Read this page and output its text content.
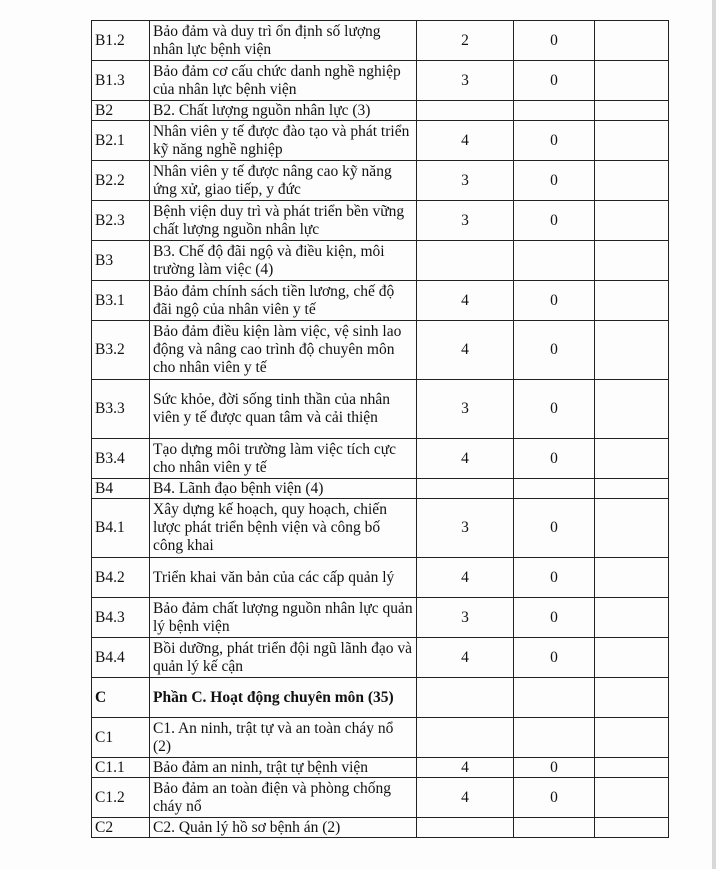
B1.2	Bảo đảm và duy trì ổn định số lượng nhân lực bệnh viện	2	0	
B1.3	Bảo đảm cơ cấu chức danh nghề nghiệp của nhân lực bệnh viện	3	0	
B2	B2. Chất lượng nguồn nhân lực (3)			
B2.1	Nhân viên y tế được đào tạo và phát triển kỹ năng nghề nghiệp	4	0	
B2.2	Nhân viên y tế được nâng cao kỹ năng ứng xử, giao tiếp, y đức	3	0	
B2.3	Bệnh viện duy trì và phát triển bền vững chất lượng nguồn nhân lực	3	0	
B3	B3. Chế độ đãi ngộ và điều kiện, môi trường làm việc (4)			
B3.1	Bảo đảm chính sách tiền lương, chế độ đãi ngộ của nhân viên y tế	4	0	
B3.2	Bảo đảm điều kiện làm việc, vệ sinh lao động và nâng cao trình độ chuyên môn cho nhân viên y tế	4	0	
B3.3	Sức khỏe, đời sống tinh thần của nhân viên y tế được quan tâm và cải thiện	3	0	
B3.4	Tạo dựng môi trường làm việc tích cực cho nhân viên y tế	4	0	
B4	B4. Lãnh đạo bệnh viện (4)			
B4.1	Xây dựng kế hoạch, quy hoạch, chiến lược phát triển bệnh viện và công bố công khai	3	0	
B4.2	Triển khai văn bản của các cấp quản lý	4	0	
B4.3	Bảo đảm chất lượng nguồn nhân lực quản lý bệnh viện	3	0	
B4.4	Bồi dưỡng, phát triển đội ngũ lãnh đạo và quản lý kế cận	4	0	
C	Phần C. Hoạt động chuyên môn (35)			
C1	C1. An ninh, trật tự và an toàn cháy nổ (2)			
C1.1	Bảo đảm an ninh, trật tự bệnh viện	4	0	
C1.2	Bảo đảm an toàn điện và phòng chống cháy nổ	4	0	
C2	C2. Quản lý hồ sơ bệnh án (2)			
